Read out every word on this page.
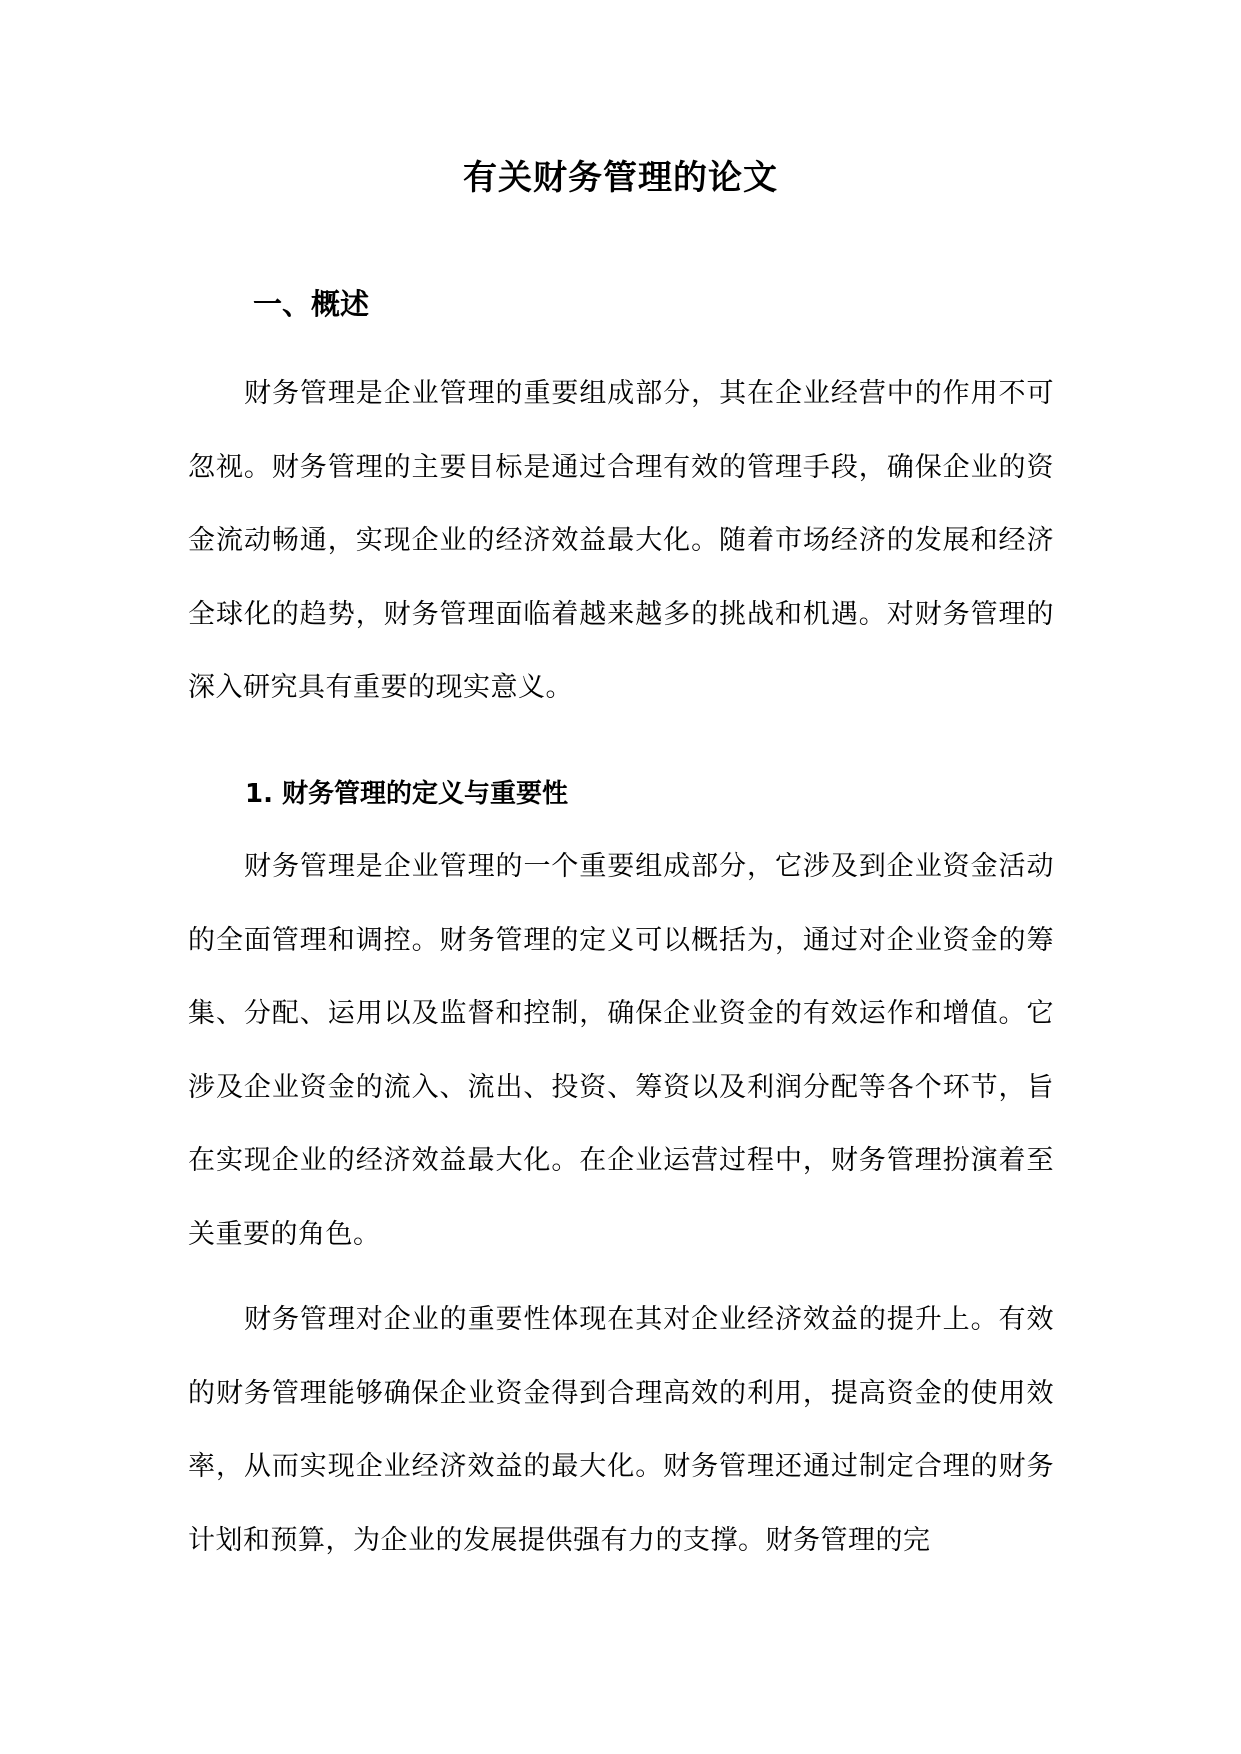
有关财务管理的论文
一、概述

财务管理是企业管理的重要组成部分，其在企业经营中的作用不可忽视。财务管理的主要目标是通过合理有效的管理手段，确保企业的资金流动畅通，实现企业的经济效益最大化。随着市场经济的发展和经济全球化的趋势，财务管理面临着越来越多的挑战和机遇。对财务管理的深入研究具有重要的现实意义。

1. 财务管理的定义与重要性

财务管理是企业管理的一个重要组成部分，它涉及到企业资金活动的全面管理和调控。财务管理的定义可以概括为，通过对企业资金的筹集、分配、运用以及监督和控制，确保企业资金的有效运作和增值。它涉及企业资金的流入、流出、投资、筹资以及利润分配等各个环节，旨在实现企业的经济效益最大化。在企业运营过程中，财务管理扮演着至关重要的角色。

财务管理对企业的重要性体现在其对企业经济效益的提升上。有效的财务管理能够确保企业资金得到合理高效的利用，提高资金的使用效率，从而实现企业经济效益的最大化。财务管理还通过制定合理的财务计划和预算，为企业的发展提供强有力的支撑。财务管理的完
